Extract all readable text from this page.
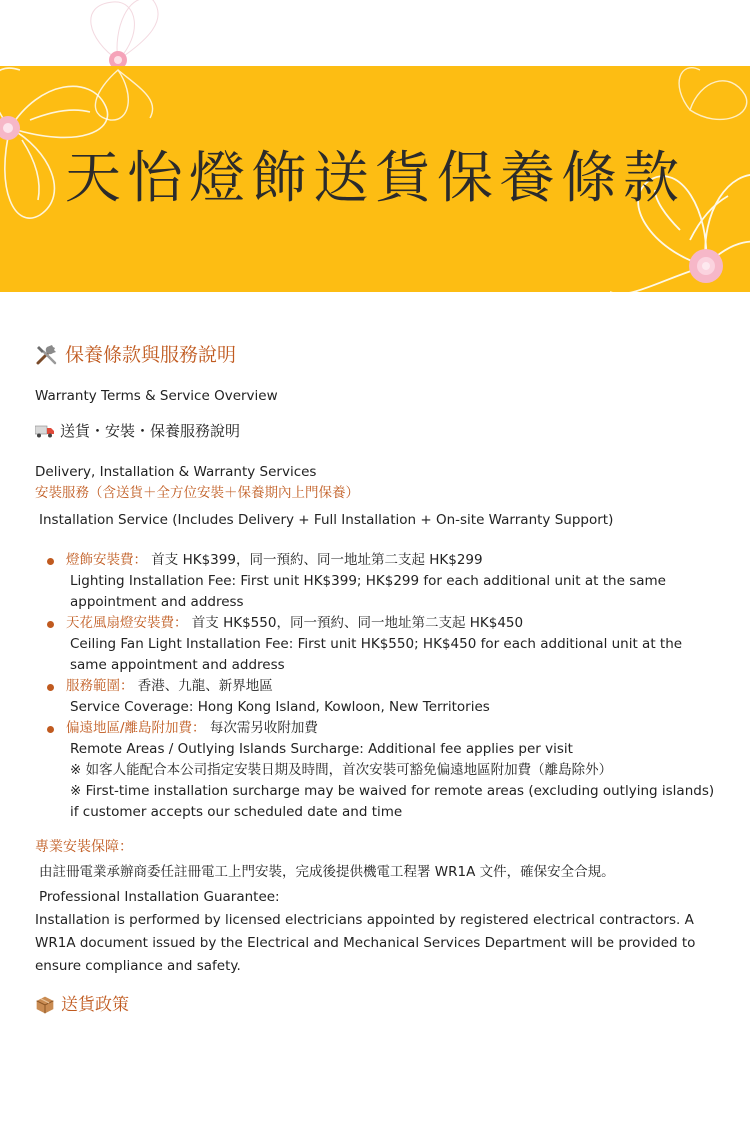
天怡燈飾送貨保養條款
保養條款與服務說明

Warranty Terms & Service Overview

送貨・安裝・保養服務說明

Delivery, Installation & Warranty Services

安裝服務（含送貨＋全方位安裝＋保養期內上門保養）

Installation Service (Includes Delivery + Full Installation + On-site Warranty Support)

燈飾安裝費： 首支 HK$399，同一預約、同一地址第二支起 HK$299
Lighting Installation Fee: First unit HK$399; HK$299 for each additional unit at the same appointment and address
天花風扇燈安裝費： 首支 HK$550，同一預約、同一地址第二支起 HK$450
Ceiling Fan Light Installation Fee: First unit HK$550; HK$450 for each additional unit at the same appointment and address
服務範圍： 香港、九龍、新界地區
Service Coverage: Hong Kong Island, Kowloon, New Territories
偏遠地區/離島附加費： 每次需另收附加費
Remote Areas / Outlying Islands Surcharge: Additional fee applies per visit
※ 如客人能配合本公司指定安裝日期及時間，首次安裝可豁免偏遠地區附加費（離島除外）
※ First-time installation surcharge may be waived for remote areas (excluding outlying islands) if customer accepts our scheduled date and time

專業安裝保障：

由註冊電業承辦商委任註冊電工上門安裝，完成後提供機電工程署 WR1A 文件，確保安全合規。

Professional Installation Guarantee:

Installation is performed by licensed electricians appointed by registered electrical contractors. A WR1A document issued by the Electrical and Mechanical Services Department will be provided to ensure compliance and safety.

送貨政策
